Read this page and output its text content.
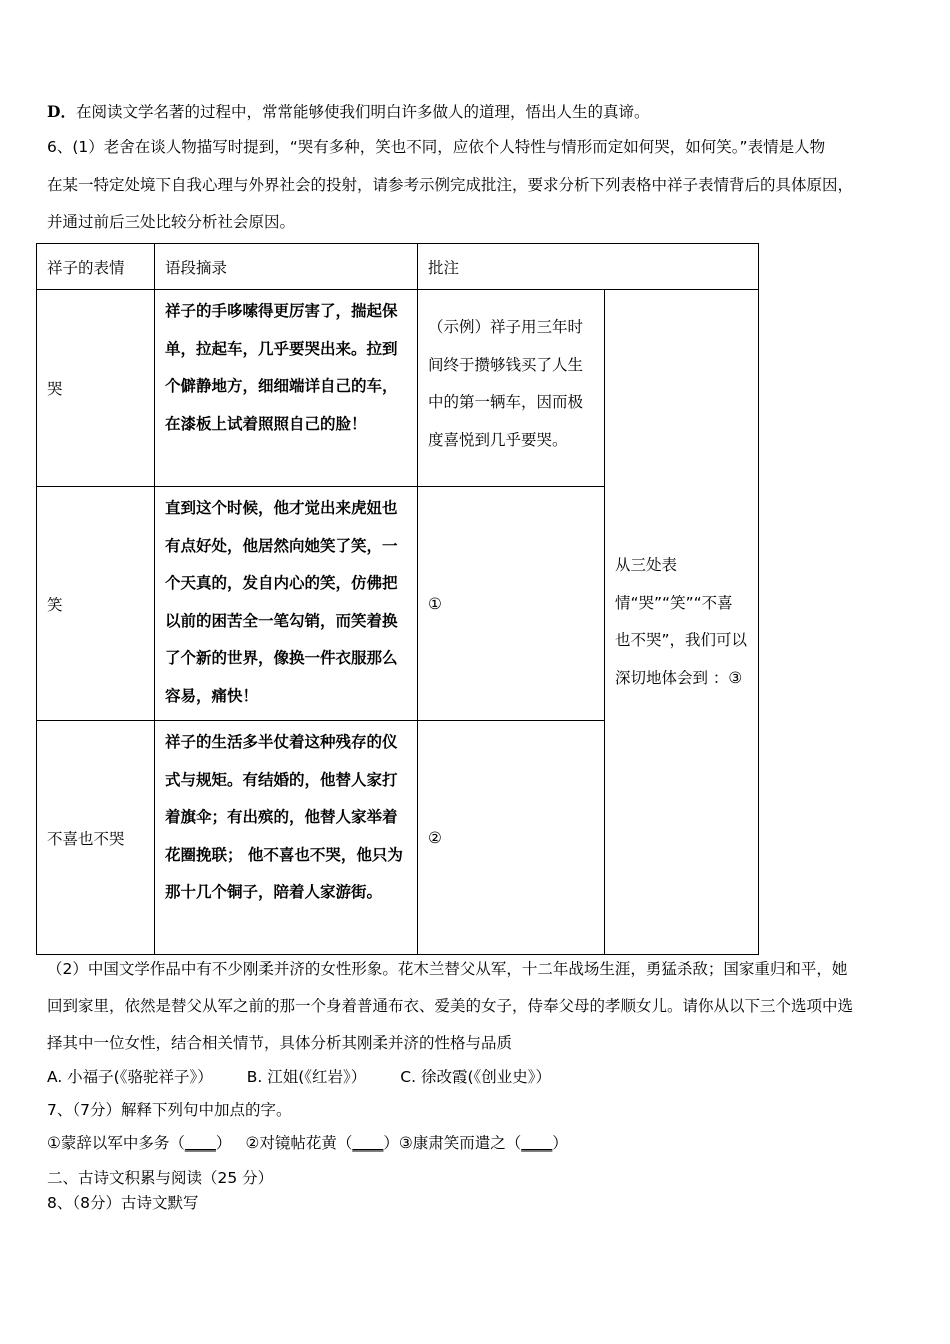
D．在阅读文学名著的过程中，常常能够使我们明白许多做人的道理，悟出人生的真谛。
6、(1）老舍在谈人物描写时提到，“哭有多种，笑也不同，应依个人特性与情形而定如何哭，如何笑。”表情是人物
在某一特定处境下自我心理与外界社会的投射，请参考示例完成批注，要求分析下列表格中祥子表情背后的具体原因，
并通过前后三处比较分析社会原因。
祥子的表情	语段摘录	批注	
哭	祥子的手哆嗦得更厉害了，揣起保单，拉起车，几乎要哭出来。拉到个僻静地方，细细端详自己的车，在漆板上试着照照自己的脸！	（示例）祥子用三年时间终于攒够钱买了人生中的第一辆车，因而极度喜悦到几乎要哭。	从三处表情“哭”“笑”“不喜也不哭”，我们可以深切地体会到 ：③
笑	直到这个时候，他才觉出来虎妞也有点好处，他居然向她笑了笑，一个天真的，发自内心的笑，仿佛把以前的困苦全一笔勾销，而笑着换了个新的世界，像换一件衣服那么容易，痛快！	①	
不喜也不哭	祥子的生活多半仗着这种残存的仪式与规矩。有结婚的，他替人家打着旗伞；有出殡的，他替人家举着花圈挽联； 他不喜也不哭，他只为那十几个铜子，陪着人家游街。	②	
（2）中国文学作品中有不少刚柔并济的女性形象。花木兰替父从军，十二年战场生涯，勇猛杀敌；国家重归和平，她
回到家里，依然是替父从军之前的那一个身着普通布衣、爱美的女子，侍奉父母的孝顺女儿。请你从以下三个选项中选
择其中一位女性，结合相关情节，具体分析其刚柔并济的性格与品质
A. 小福子(《骆驼祥子》） B. 江姐(《红岩》） C. 徐改霞(《创业史》）
7、（7分）解释下列句中加点的字。
①蒙辞以军中多务（____） ②对镜帖花黄（____）③康肃笑而遣之（____）
二、古诗文积累与阅读（25 分）
8、（8分）古诗文默写
